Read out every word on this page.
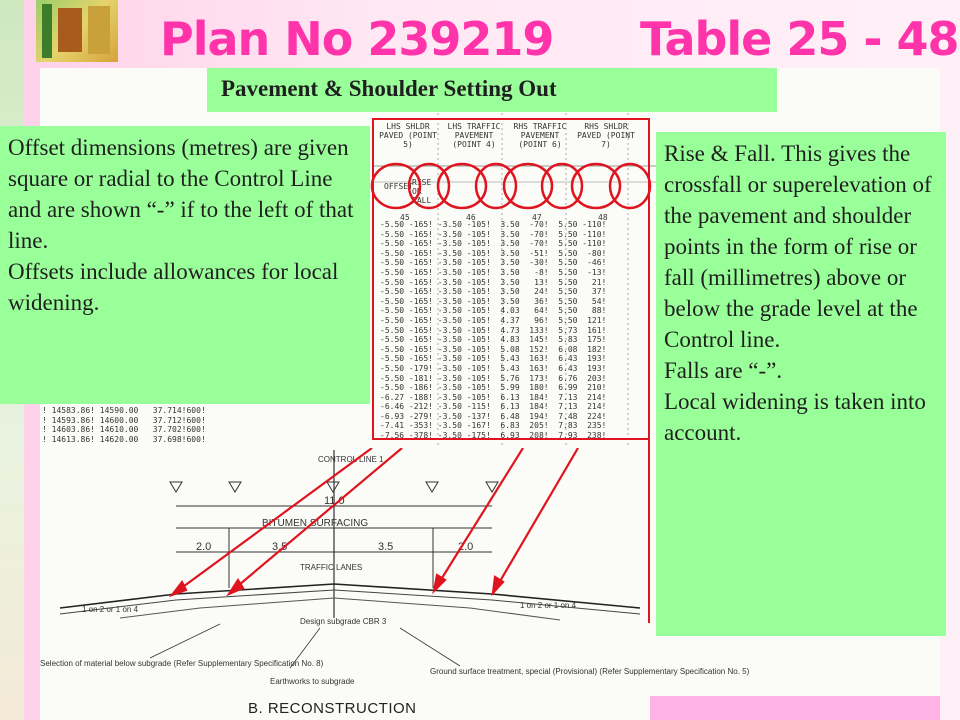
Plan No 239219 Table 25 - 48
LHS SHLDR PAVED (POINT 5)
LHS TRAFFIC PAVEMENT (POINT 4)
RHS TRAFFIC PAVEMENT (POINT 6)
RHS SHLDR PAVED (POINT 7)
OFFSET RISE OR FALL
45	46	47	48
-5.50 -165! -3.50 -105!  3.50  -70!  5.50 -110!
-5.50 -165! -3.50 -105!  3.50  -70!  5.50 -110!
-5.50 -165! -3.50 -105!  3.50  -70!  5.50 -110!
-5.50 -165! -3.50 -105!  3.50  -51!  5.50  -80!
-5.50 -165! -3.50 -105!  3.50  -30!  5.50  -46!
-5.50 -165! -3.50 -105!  3.50   -8!  5.50  -13!
-5.50 -165! -3.50 -105!  3.50   13!  5.50   21!
-5.50 -165! -3.50 -105!  3.50   24!  5.50   37!
-5.50 -165! -3.50 -105!  3.50   36!  5.50   54!
-5.50 -165! -3.50 -105!  4.03   64!  5.50   88!
-5.50 -165! -3.50 -105!  4.37   96!  5.50  121!
-5.50 -165! -3.50 -105!  4.73  133!  5.73  161!
-5.50 -165! -3.50 -105!  4.83  145!  5.83  175!
-5.50 -165! -3.50 -105!  5.08  152!  6.08  182!
-5.50 -165! -3.50 -105!  5.43  163!  6.43  193!
-5.50 -179! -3.50 -105!  5.43  163!  6.43  193!
-5.50 -181! -3.50 -105!  5.76  173!  6.76  203!
-5.50 -186! -3.50 -105!  5.99  180!  6.99  210!
-6.27 -188! -3.50 -105!  6.13  184!  7.13  214!
-6.46 -212! -3.50 -115!  6.13  184!  7.13  214!
-6.93 -279! -3.50 -137!  6.48  194!  7.48  224!
-7.41 -353! -3.50 -167!  6.83  205!  7.83  235!
-7.56 -378! -3.50 -175!  6.93  208!  7.93  238!
! 14583.86! 14590.00   37.714!600!
! 14593.86! 14600.00   37.712!600!
! 14603.86! 14610.00   37.702!600!
! 14613.86! 14620.00   37.698!600!
Pavement & Shoulder Setting Out

Offset dimensions (metres) are given square or radial to the Control Line and are shown “-” if to the left of that line.

Offsets include allowances for local widening.

Rise & Fall. This gives the crossfall or superelevation of the pavement and shoulder points in the form of rise or fall (millimetres) above or below the grade level at the Control line.

Falls are “-”.

Local widening is taken into account.

CONTROL LINE 1
11.0
BITUMEN SURFACING
2.0	3.5	3.5	2.0
TRAFFIC LANES
1 on 2 or 1 on 4	1 on 2 or 1 on 4
Design subgrade CBR 3
Selection of material below subgrade (Refer Supplementary Specification No. 8)
Earthworks to subgrade
Ground surface treatment, special (Provisional) (Refer Supplementary Specification No. 5)
B. RECONSTRUCTION
